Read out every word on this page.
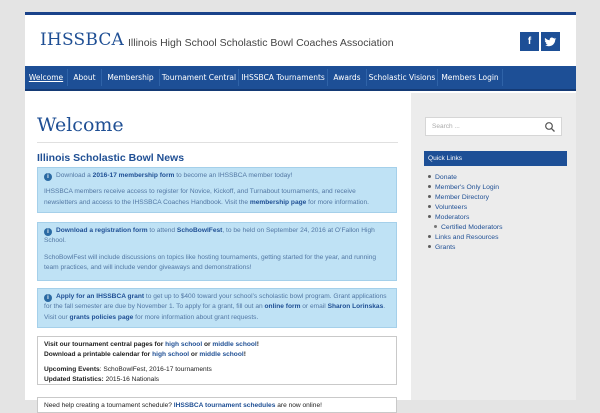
IHSSBCA Illinois High School Scholastic Bowl Coaches Association	f
Welcome	About	Membership	Tournament Central IHSSBCA Tournaments	Awards	Scholastic Visions Members Login
Welcome
Illinois Scholastic Bowl News

i Download a 2016-17 membership form to become an IHSSBCA member today!

IHSSBCA members receive access to register for Novice, Kickoff, and Turnabout tournaments, and receive newsletters and access to the IHSSBCA Coaches Handbook. Visit the membership page for more information.

i Download a registration form to attend SchoBowlFest, to be held on September 24, 2016 at O’Fallon High School.

SchoBowlFest will include discussions on topics like hosting tournaments, getting started for the year, and running team practices, and will include vendor giveaways and demonstrations!

i Apply for an IHSSBCA grant to get up to $400 toward your school’s scholastic bowl program. Grant applications for the fall semester are due by November 1. To apply for a grant, fill out an online form or email Sharon Lorinskas. Visit our grants policies page for more information about grant requests.

Visit our tournament central pages for high school or middle school!

Download a printable calendar for high school or middle school!

Upcoming Events: SchoBowlFest, 2016-17 tournaments

Updated Statistics: 2015-16 Nationals

Need help creating a tournament schedule? IHSSBCA tournament schedules are now online!

Search ...
Quick Links
Donate
Member's Only Login
Member Directory
Volunteers
Moderators
Certified Moderators
Links and Resources
Grants
